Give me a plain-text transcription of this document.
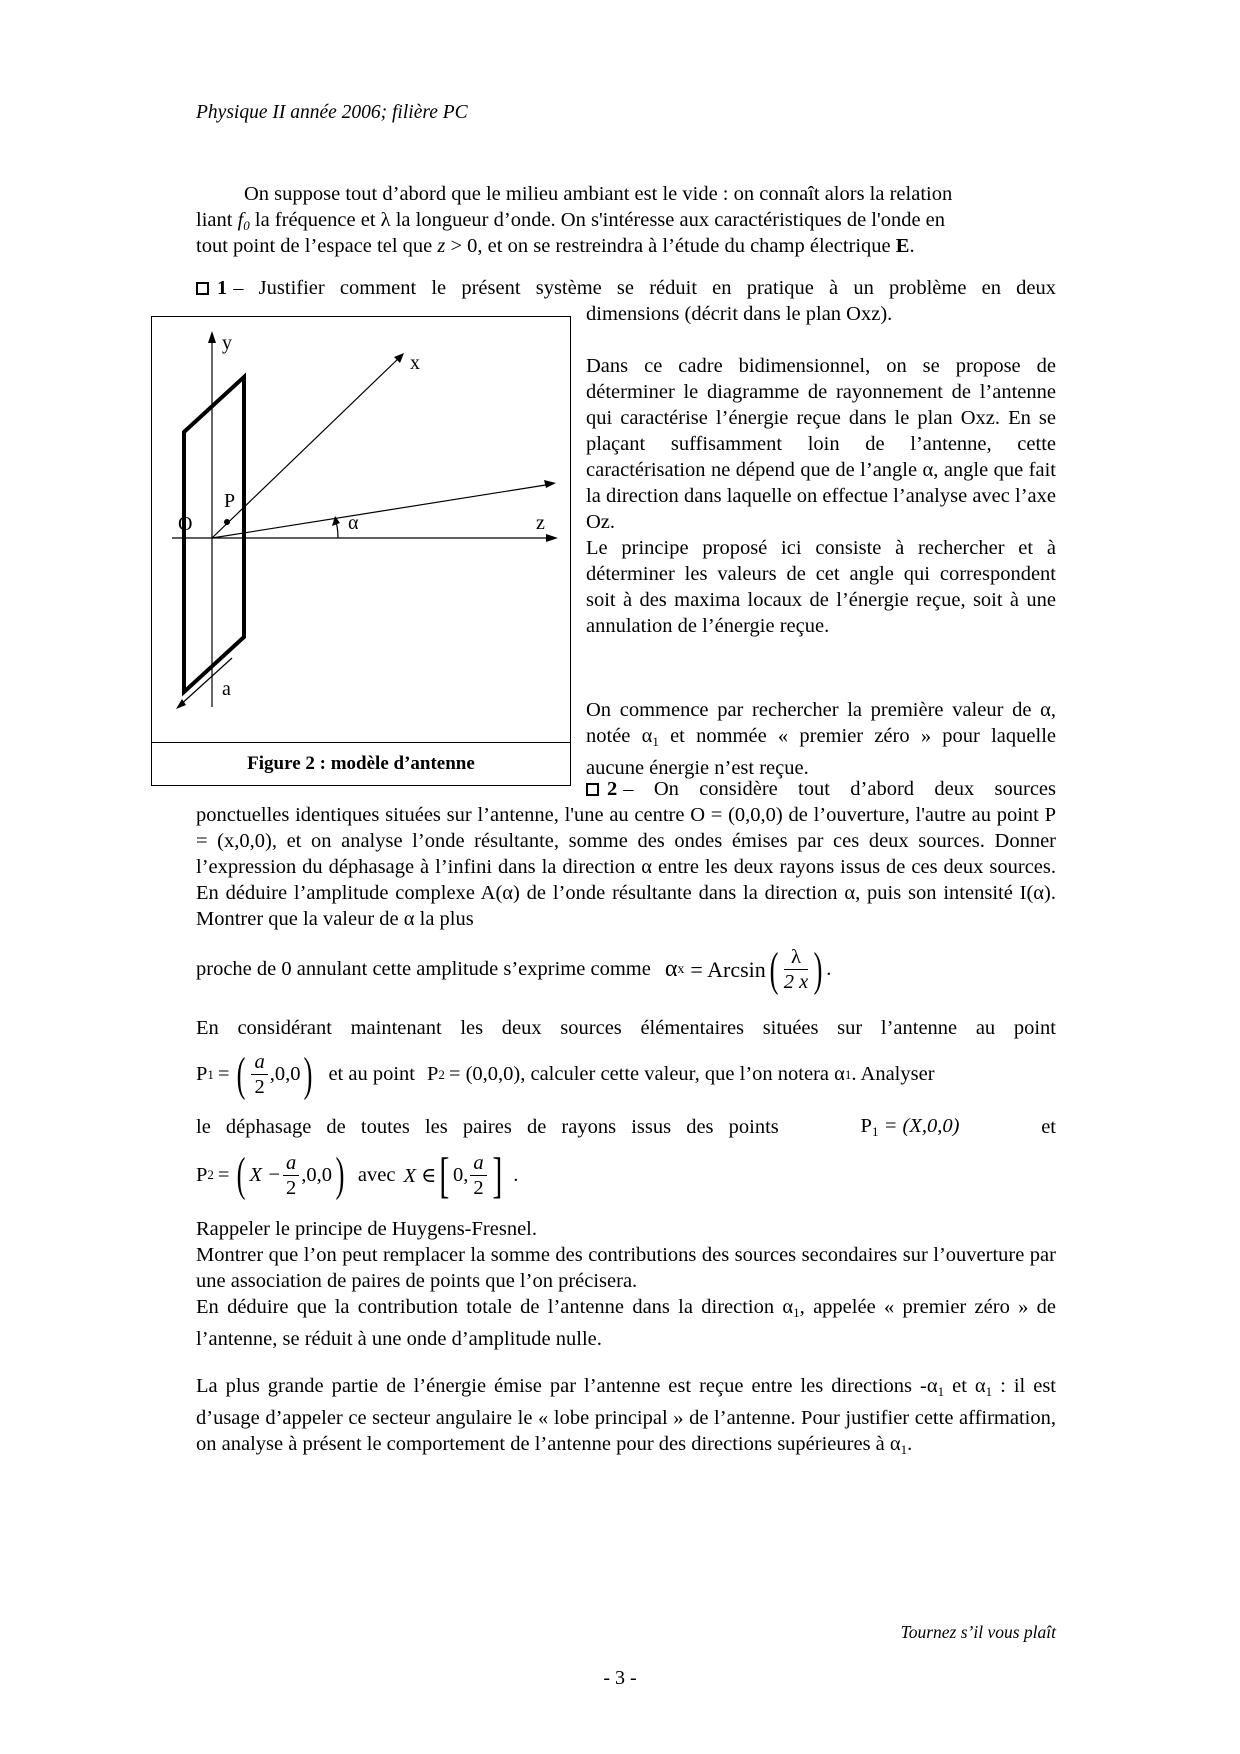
Physique II année 2006; filière PC
On suppose tout d’abord que le milieu ambiant est le vide : on connaît alors la relation
liant $f_0$ la fréquence et λ la longueur d’onde. On s'intéresse aux caractéristiques de l'onde en
tout point de l’espace tel que z > 0, et on se restreindra à l’étude du champ électrique E.
1 – Justifier comment le présent système se réduit en pratique à un problème en deux
dimensions (décrit dans le plan Oxz).
y
x
z
O
P
α
a
Figure 2 : modèle d’antenne
Dans ce cadre bidimensionnel, on se propose de déterminer le diagramme de rayonnement de l’antenne qui caractérise l’énergie reçue dans le plan Oxz. En se plaçant suffisamment loin de l’antenne, cette caractérisation ne dépend que de l’angle α, angle que fait la direction dans laquelle on effectue l’analyse avec l’axe Oz.
Le principe proposé ici consiste à rechercher et à déterminer les valeurs de cet angle qui correspondent soit à des maxima locaux de l’énergie reçue, soit à une annulation de l’énergie reçue.
On commence par rechercher la première valeur de α, notée $\alpha_1$ et nommée « premier zéro » pour laquelle aucune énergie n’est reçue.
2 – On considère tout d’abord deux sources
ponctuelles identiques situées sur l’antenne, l'une au centre O = (0,0,0) de l’ouverture, l'autre au point P = (x,0,0), et on analyse l’onde résultante, somme des ondes émises par ces deux sources. Donner l’expression du déphasage à l’infini dans la direction α entre les deux rayons issus de ces deux sources. En déduire l’amplitude complexe A(α) de l’onde résultante dans la direction α, puis son intensité I(α). Montrer que la valeur de α la plus
proche de 0 annulant cette amplitude s’exprime comme α x = Arcsin ( $\frac{\lambda}{2 x}$ ) .
En considérant maintenant les deux sources élémentaires situées sur l’antenne au point
P 1 = ( $\frac{a}{2} ,0,0$ ) et au point P 2 = (0,0,0) , calculer cette valeur, que l’on notera α 1 . Analyser
le déphasage de toutes les paires de rayons issus des points	$P_1 = (X,0,0)$	et
P 2 = ( $X - \frac{a}{2} ,0,0$ ) avec X ∈ [ 0, $\frac{a}{2}$ ] .
Rappeler le principe de Huygens-Fresnel.
Montrer que l’on peut remplacer la somme des contributions des sources secondaires sur l’ouverture par une association de paires de points que l’on précisera.
En déduire que la contribution totale de l’antenne dans la direction $\alpha_1$, appelée « premier zéro » de l’antenne, se réduit à une onde d’amplitude nulle.
La plus grande partie de l’énergie émise par l’antenne est reçue entre les directions $-\alpha_1$ et $\alpha_1$ : il est d’usage d’appeler ce secteur angulaire le « lobe principal » de l’antenne. Pour justifier cette affirmation, on analyse à présent le comportement de l’antenne pour des directions supérieures à $\alpha_1$.
Tournez s’il vous plaît
- 3 -
